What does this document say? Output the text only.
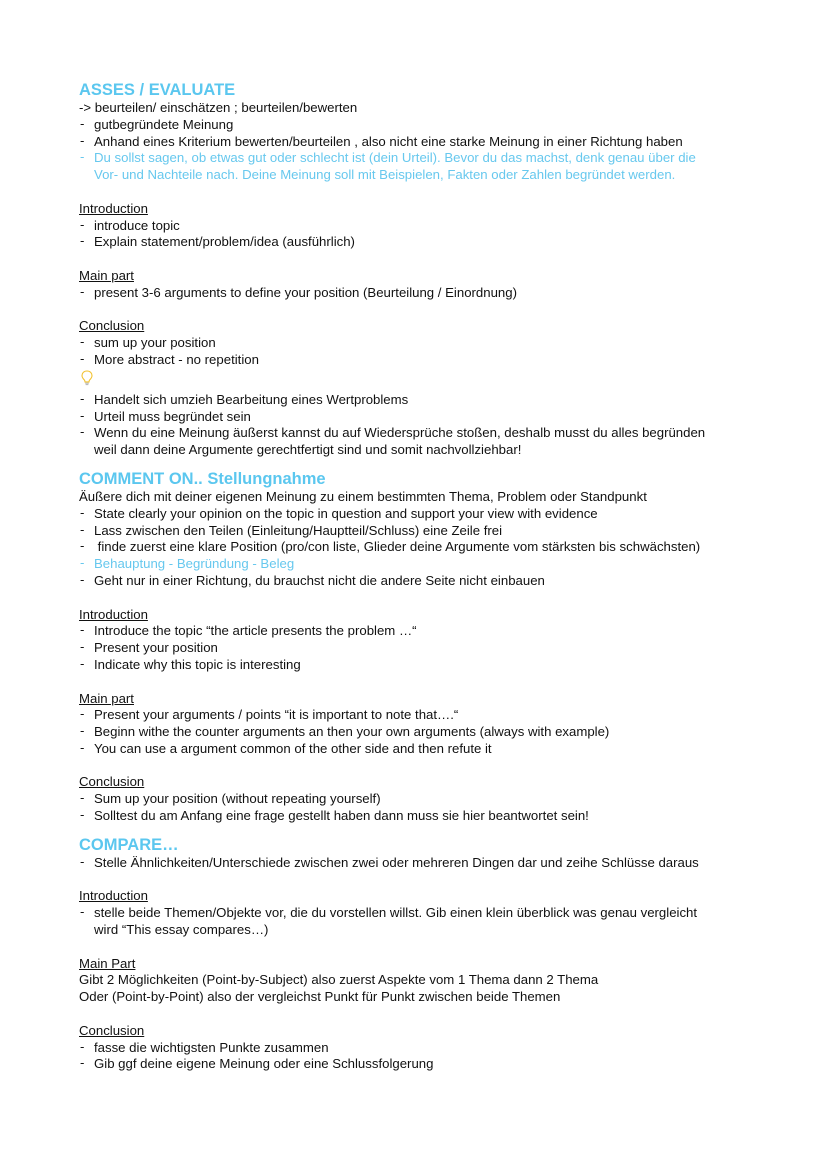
ASSES / EVALUATE
-> beurteilen/ einschätzen ; beurteilen/bewerten
- gutbegründete Meinung
- Anhand eines Kriterium bewerten/beurteilen , also nicht eine starke Meinung in einer Richtung haben
- Du sollst sagen, ob etwas gut oder schlecht ist (dein Urteil). Bevor du das machst, denk genau über die
Vor- und Nachteile nach. Deine Meinung soll mit Beispielen, Fakten oder Zahlen begründet werden.
Introduction
- introduce topic
- Explain statement/problem/idea (ausführlich)
Main part
- present 3-6 arguments to define your position (Beurteilung / Einordnung)
Conclusion
- sum up your position
- More abstract - no repetition
- Handelt sich umzieh Bearbeitung eines Wertproblems
- Urteil muss begründet sein
- Wenn du eine Meinung äußerst kannst du auf Wiedersprüche stoßen, deshalb musst du alles begründen
weil dann deine Argumente gerechtfertigt sind und somit nachvollziehbar!
COMMENT ON.. Stellungnahme
Äußere dich mit deiner eigenen Meinung zu einem bestimmten Thema, Problem oder Standpunkt
- State clearly your opinion on the topic in question and support your view with evidence
- Lass zwischen den Teilen (Einleitung/Hauptteil/Schluss) eine Zeile frei
-  finde zuerst eine klare Position (pro/con liste, Glieder deine Argumente vom stärksten bis schwächsten)
- Behauptung - Begründung - Beleg
- Geht nur in einer Richtung, du brauchst nicht die andere Seite nicht einbauen
Introduction
- Introduce the topic “the article presents the problem …“
- Present your position
- Indicate why this topic is interesting
Main part
- Present your arguments / points “it is important to note that….“
- Beginn withe the counter arguments an then your own arguments (always with example)
- You can use a argument common of the other side and then refute it
Conclusion
- Sum up your position (without repeating yourself)
- Solltest du am Anfang eine frage gestellt haben dann muss sie hier beantwortet sein!
COMPARE…
- Stelle Ähnlichkeiten/Unterschiede zwischen zwei oder mehreren Dingen dar und zeihe Schlüsse daraus
Introduction
- stelle beide Themen/Objekte vor, die du vorstellen willst. Gib einen klein überblick was genau vergleicht
wird “This essay compares…)
Main Part
Gibt 2 Möglichkeiten (Point-by-Subject) also zuerst Aspekte vom 1 Thema dann 2 Thema
Oder (Point-by-Point) also der vergleichst Punkt für Punkt zwischen beide Themen
Conclusion
- fasse die wichtigsten Punkte zusammen
- Gib ggf deine eigene Meinung oder eine Schlussfolgerung
